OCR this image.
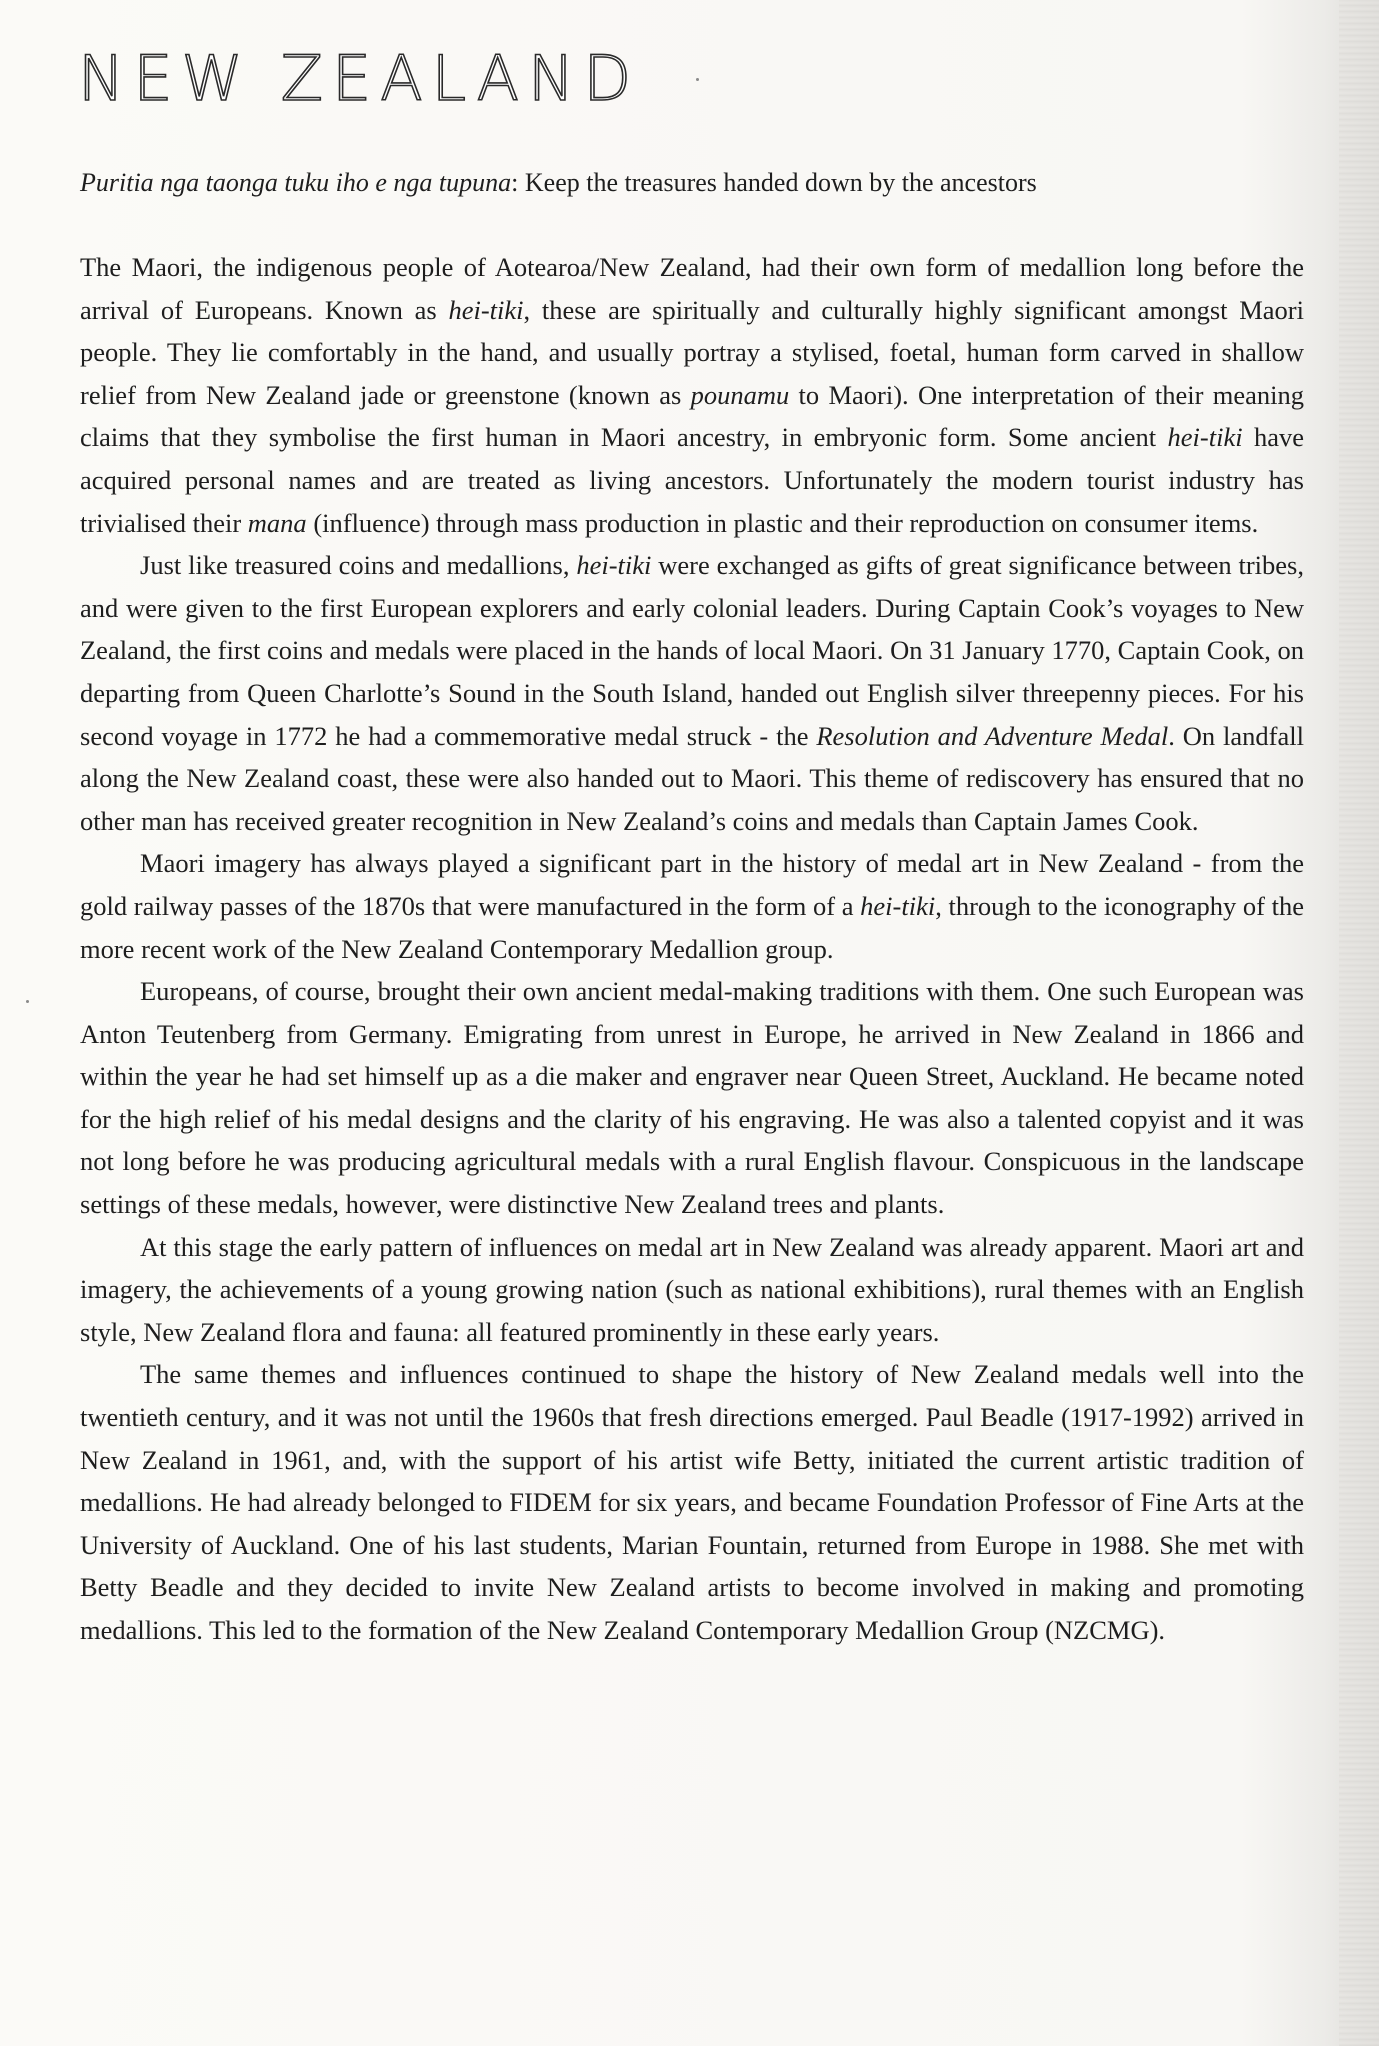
NEW ZEALAND

Puritia nga taonga tuku iho e nga tupuna: Keep the treasures handed down by the ancestors

The Maori, the indigenous people of Aotearoa/New Zealand, had their own form of medallion long before the arrival of Europeans. Known as hei-tiki, these are spiritually and culturally highly significant amongst Maori people. They lie comfortably in the hand, and usually portray a stylised, foetal, human form carved in shallow relief from New Zealand jade or greenstone (known as pounamu to Maori). One interpretation of their meaning claims that they symbolise the first human in Maori ancestry, in embryonic form. Some ancient hei-tiki have acquired personal names and are treated as living ancestors. Unfortunately the modern tourist industry has trivialised their mana (influence) through mass production in plastic and their reproduction on consumer items.

Just like treasured coins and medallions, hei-tiki were exchanged as gifts of great significance between tribes, and were given to the first European explorers and early colonial leaders. During Captain Cook’s voyages to New Zealand, the first coins and medals were placed in the hands of local Maori. On 31 January 1770, Captain Cook, on departing from Queen Charlotte’s Sound in the South Island, handed out English silver threepenny pieces. For his second voyage in 1772 he had a commemorative medal struck - the Resolution and Adventure Medal. On landfall along the New Zealand coast, these were also handed out to Maori. This theme of rediscovery has ensured that no other man has received greater recognition in New Zealand’s coins and medals than Captain James Cook.

Maori imagery has always played a significant part in the history of medal art in New Zealand - from the gold railway passes of the 1870s that were manufactured in the form of a hei-tiki, through to the iconography of the more recent work of the New Zealand Contemporary Medallion group.

Europeans, of course, brought their own ancient medal-making traditions with them. One such European was Anton Teutenberg from Germany. Emigrating from unrest in Europe, he arrived in New Zealand in 1866 and within the year he had set himself up as a die maker and engraver near Queen Street, Auckland. He became noted for the high relief of his medal designs and the clarity of his engraving. He was also a talented copyist and it was not long before he was producing agricultural medals with a rural English flavour. Conspicuous in the landscape settings of these medals, however, were distinctive New Zealand trees and plants.

At this stage the early pattern of influences on medal art in New Zealand was already apparent. Maori art and imagery, the achievements of a young growing nation (such as national exhibitions), rural themes with an English style, New Zealand flora and fauna: all featured prominently in these early years.

The same themes and influences continued to shape the history of New Zealand medals well into the twentieth century, and it was not until the 1960s that fresh directions emerged. Paul Beadle (1917-1992) arrived in New Zealand in 1961, and, with the support of his artist wife Betty, initiated the current artistic tradition of medallions. He had already belonged to FIDEM for six years, and became Foundation Professor of Fine Arts at the University of Auckland. One of his last students, Marian Fountain, returned from Europe in 1988. She met with Betty Beadle and they decided to invite New Zealand artists to become involved in making and promoting medallions. This led to the formation of the New Zealand Contemporary Medallion Group (NZCMG).
